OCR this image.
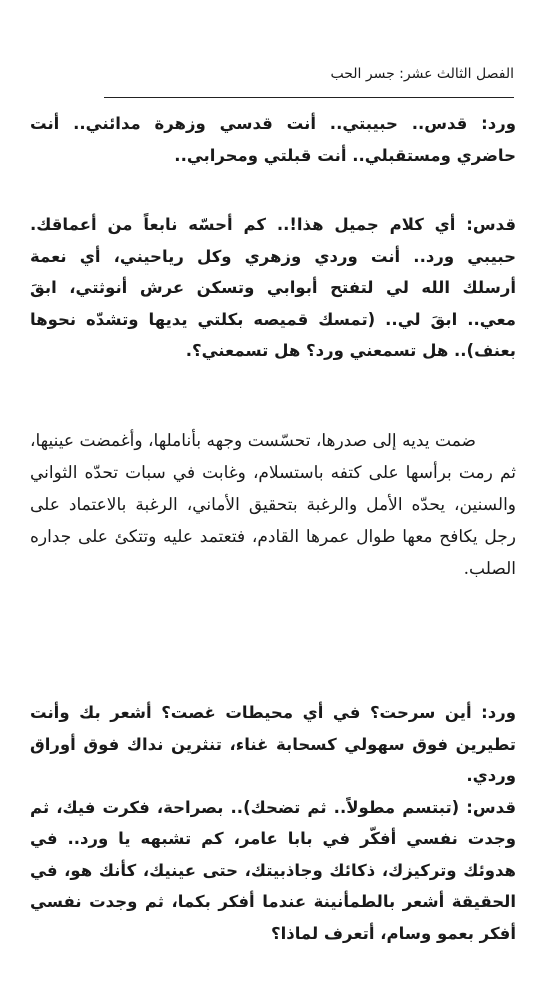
الفصل الثالث عشر: جسر الحب

ورد: قدس.. حبيبتي.. أنت قدسي وزهرة مدائني.. أنت حاضري ومستقبلي.. أنت قبلتي ومحرابي..

قدس: أي كلام جميل هذا!.. كم أحسّه نابعاً من أعماقك. حبيبي ورد.. أنت وردي وزهري وكل رياحيني، أي نعمة أرسلك الله لي لتفتح أبوابي وتسكن عرش أنوثتي، ابقَ معي.. ابقَ لي.. (تمسك قميصه بكلتي يديها وتشدّه نحوها بعنف).. هل تسمعني ورد؟ هل تسمعني؟.

ضمت يديه إلى صدرها، تحسّست وجهه بأناملها، وأغمضت عينيها، ثم رمت برأسها على كتفه باستسلام، وغابت في سبات تحدّه الثواني والسنين، يحدّه الأمل والرغبة بتحقيق الأماني، الرغبة بالاعتماد على رجل يكافح معها طوال عمرها القادم، فتعتمد عليه وتتكئ على جداره الصلب.

ورد: أين سرحت؟ في أي محيطات غصت؟ أشعر بك وأنت تطيرين فوق سهولي كسحابة غناء، تنثرين نداك فوق أوراق وردي.

قدس: (تبتسم مطولاً.. ثم تضحك).. بصراحة، فكرت فيك، ثم وجدت نفسي أفكّر في بابا عامر، كم تشبهه يا ورد.. في هدوئك وتركيزك، ذكائك وجاذبيتك، حتى عينيك، كأنك هو، في الحقيقة أشعر بالطمأنينة عندما أفكر بكما، ثم وجدت نفسي أفكر بعمو وسام، أتعرف لماذا؟
